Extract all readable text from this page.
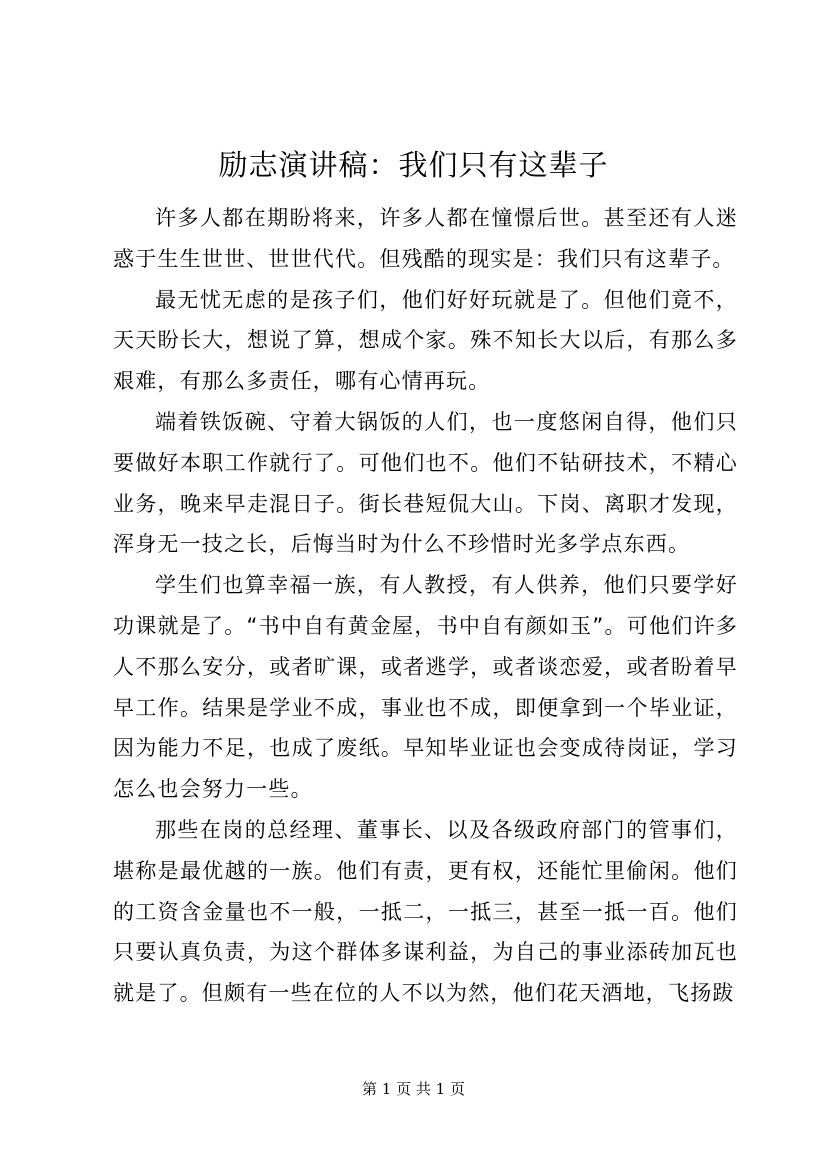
励志演讲稿：我们只有这辈子

许多人都在期盼将来，许多人都在憧憬后世。甚至还有人迷惑于生生世世、世世代代。但残酷的现实是：我们只有这辈子。

最无忧无虑的是孩子们，他们好好玩就是了。但他们竟不，天天盼长大，想说了算，想成个家。殊不知长大以后，有那么多艰难，有那么多责任，哪有心情再玩。

端着铁饭碗、守着大锅饭的人们，也一度悠闲自得，他们只要做好本职工作就行了。可他们也不。他们不钻研技术，不精心业务，晚来早走混日子。街长巷短侃大山。下岗、离职才发现，浑身无一技之长，后悔当时为什么不珍惜时光多学点东西。

学生们也算幸福一族，有人教授，有人供养，他们只要学好功课就是了。“书中自有黄金屋，书中自有颜如玉”。可他们许多人不那么安分，或者旷课，或者逃学，或者谈恋爱，或者盼着早早工作。结果是学业不成，事业也不成，即便拿到一个毕业证，因为能力不足，也成了废纸。早知毕业证也会变成待岗证，学习怎么也会努力一些。

那些在岗的总经理、董事长、以及各级政府部门的管事们，堪称是最优越的一族。他们有责，更有权，还能忙里偷闲。他们的工资含金量也不一般，一抵二，一抵三，甚至一抵一百。他们只要认真负责，为这个群体多谋利益，为自己的事业添砖加瓦也就是了。但颇有一些在位的人不以为然，他们花天酒地，飞扬跋

第 1 页 共 1 页
